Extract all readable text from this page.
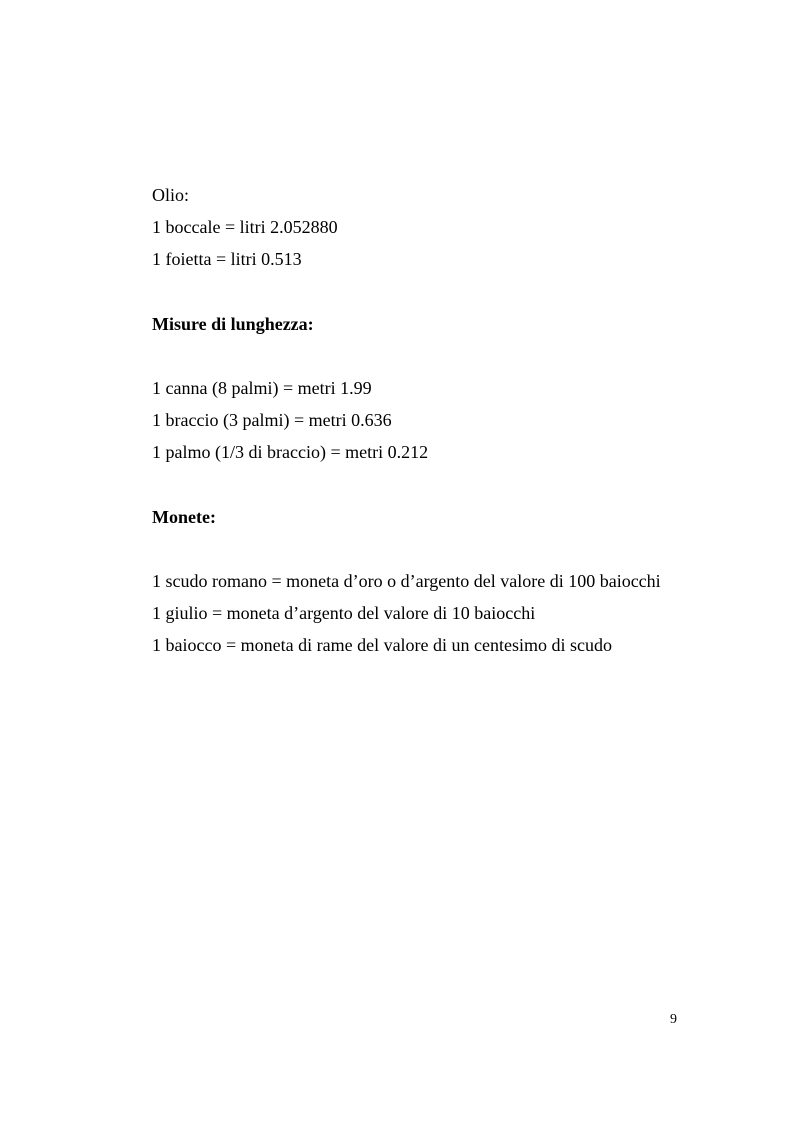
Olio:

1 boccale = litri 2.052880

1 foietta = litri 0.513

Misure di lunghezza:

1 canna (8 palmi) = metri 1.99

1 braccio (3 palmi) = metri 0.636

1 palmo (1/3 di braccio) = metri 0.212

Monete:

1 scudo romano = moneta d’oro o d’argento del valore di 100 baiocchi

1 giulio = moneta d’argento del valore di 10 baiocchi

1 baiocco = moneta di rame del valore di un centesimo di scudo

9
